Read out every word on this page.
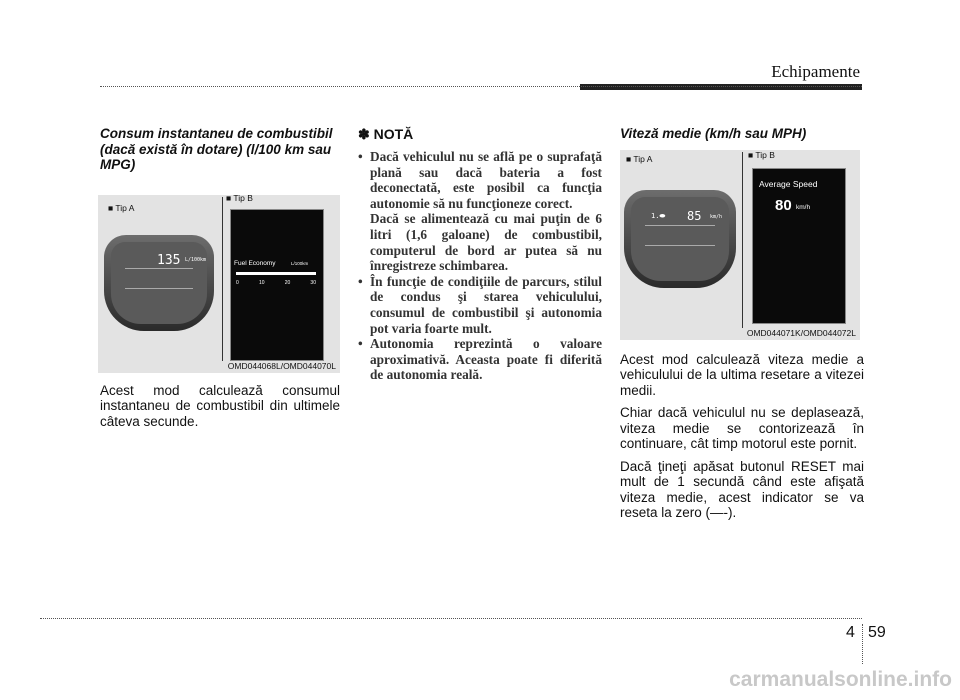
Echipamente

Consum instantaneu de combustibil (dacă există în dotare) (l/100 km sau MPG)

■ Tip A
■ Tip B
135 L/100km	Fuel Economy	L/100km
0	10	20	30
OMD044068L/OMD044070L

Acest mod calculează consumul instantaneu de combustibil din ultimele câteva secunde.

✽ NOTĂ

• Dacă vehiculul nu se află pe o suprafaţă plană sau dacă bateria a fost deconectată, este posibil ca funcţia autonomie să nu funcţioneze corect.
Dacă se alimentează cu mai puţin de 6 litri (1,6 galoane) de combustibil, computerul de bord ar putea să nu înregistreze schimbarea.
• În funcţie de condiţiile de parcurs, stilul de condus şi starea vehiculului, consumul de combustibil şi autonomia pot varia foarte mult.
• Autonomia reprezintă o valoare aproximativă. Aceasta poate fi diferită de autonomia reală.

Viteză medie (km/h sau MPH)

■ Tip A	■ Tip B
1.⬬ 85 km/h
Average Speed
80 km/h
OMD044071K/OMD044072L

Acest mod calculează viteza medie a vehiculului de la ultima resetare a vitezei medii.

Chiar dacă vehiculul nu se deplasează, viteza medie se contorizează în continuare, cât timp motorul este pornit.

Dacă ţineţi apăsat butonul RESET mai mult de 1 secundă când este afişată viteza medie, acest indicator se va reseta la zero (—-).

4 59
carmanualsonline.info
